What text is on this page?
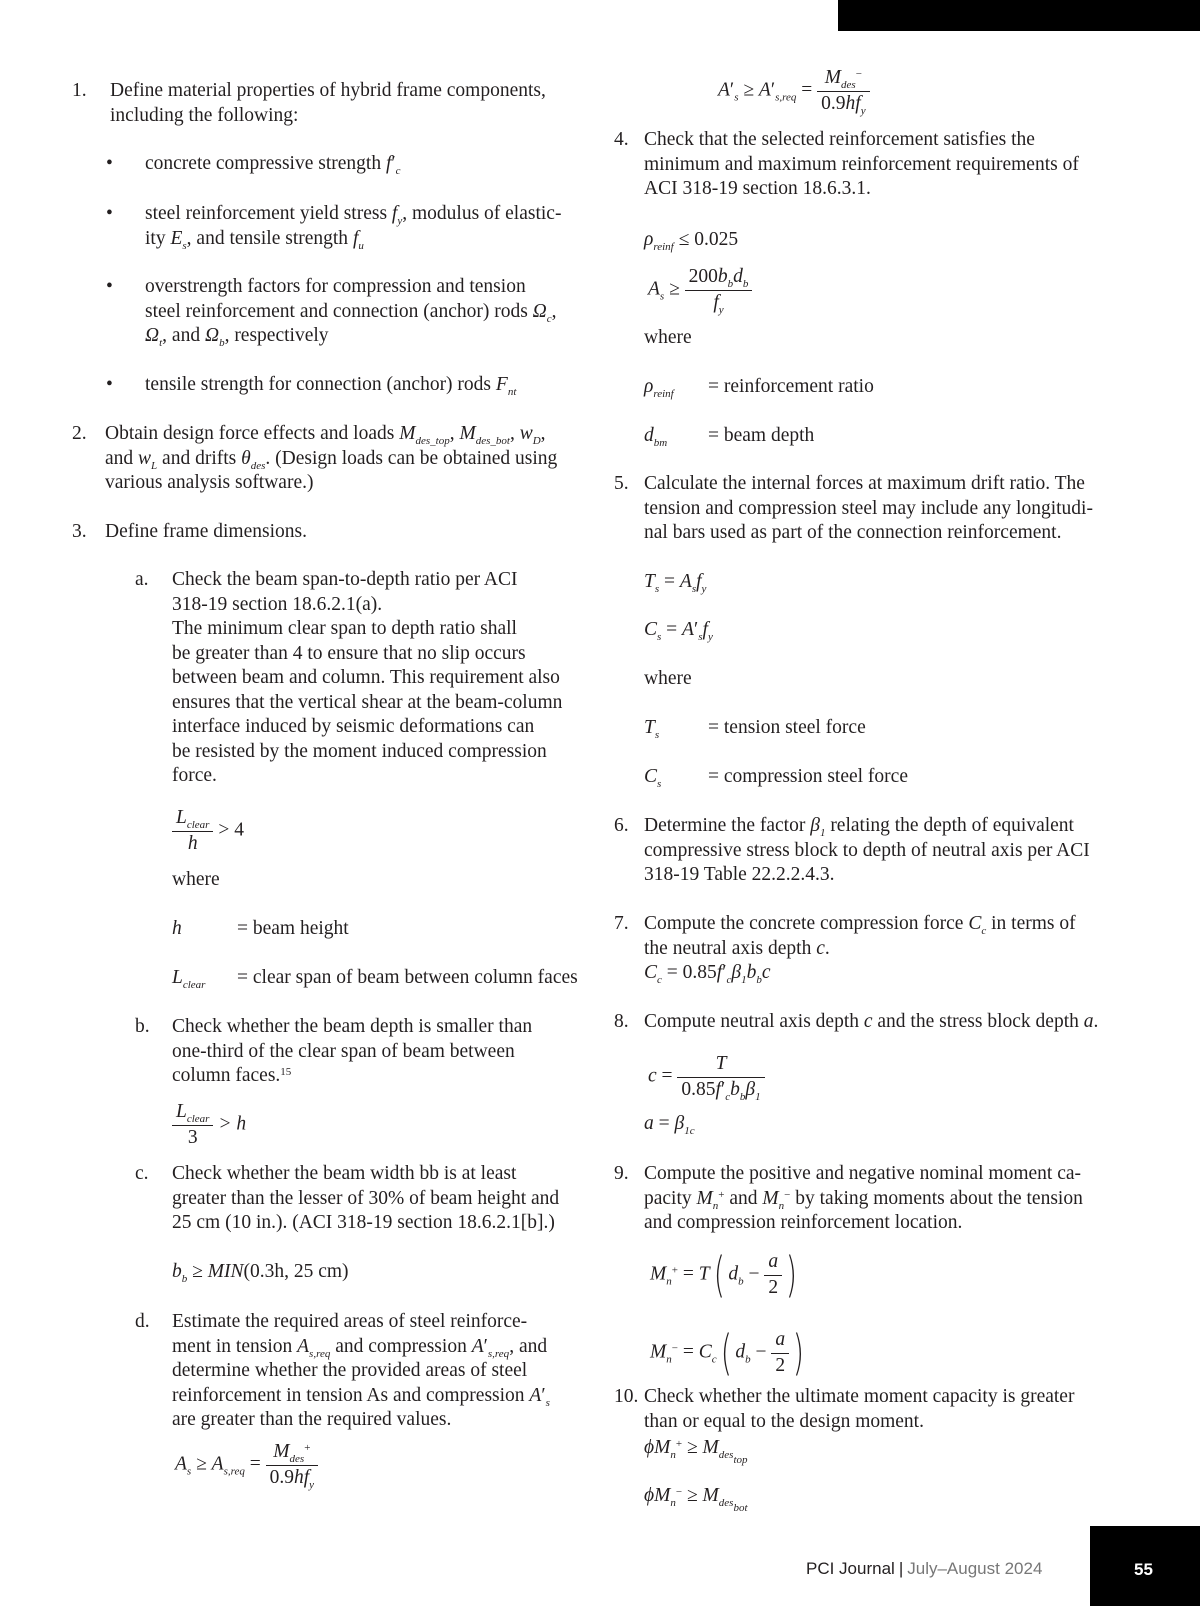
1. Define material properties of hybrid frame components,
including the following:
• concrete compressive strength $f'_c$
• steel reinforcement yield stress $f_y$, modulus of elastic-
ity $E_s$, and tensile strength $f_u$
• overstrength factors for compression and tension
steel reinforcement and connection (anchor) rods $\Omega_c$,
$\Omega_t$, and $\Omega_b$, respectively
• tensile strength for connection (anchor) rods $F_{nt}$
2. Obtain design force effects and loads $M_{des\_top}$, $M_{des\_bot}$, $w_D$,
and $w_L$ and drifts $\theta_{des}$. (Design loads can be obtained using
various analysis software.)
3. Define frame dimensions.
a. Check the beam span-to-depth ratio per ACI
318-19 section 18.6.2.1(a).
The minimum clear span to depth ratio shall
be greater than 4 to ensure that no slip occurs
between beam and column. This requirement also
ensures that the vertical shear at the beam-column
interface induced by seismic deformations can
be resisted by the moment induced compression
force.
$\frac{L_{clear}}{h} > 4$
where
h	= beam height
$L_{clear}$ = clear span of beam between column faces
b. Check whether the beam depth is smaller than
one-third of the clear span of beam between
column faces.$^{15}$
$\frac{L_{clear}}{3} > h$
c. Check whether the beam width bb is at least
greater than the lesser of 30% of beam height and
25 cm (10 in.). (ACI 318-19 section 18.6.2.1[b].)
$b_b \ge MIN(0.3h$, 25 cm)
d. Estimate the required areas of steel reinforce-
ment in tension $A_{s,req}$ and compression $A'_{s,req}$, and
determine whether the provided areas of steel
reinforcement in tension As and compression $A'_s$
are greater than the required values.
$A_s \ge A_{s,req} = \frac{M_{des}^+}{0.9hf_y}$
$A'_s \ge A'_{s,req} = \frac{M_{des}^-}{0.9hf_y}$
4. Check that the selected reinforcement satisfies the
minimum and maximum reinforcement requirements of
ACI 318-19 section 18.6.3.1.
$\rho_{reinf} \le 0.025$
$A_s \ge \frac{200b_bd_b}{f_y}$
where
$\rho_{reinf}$ = reinforcement ratio
$d_{bm}$ = beam depth
5. Calculate the internal forces at maximum drift ratio. The
tension and compression steel may include any longitudi-
nal bars used as part of the connection reinforcement.
$T_s = A_sf_y$
$C_s = A'_sf_y$
where
$T_s$	= tension steel force
$C_s$ = compression steel force
6. Determine the factor $\beta_1$ relating the depth of equivalent
compressive stress block to depth of neutral axis per ACI
318-19 Table 22.2.2.4.3.
7. Compute the concrete compression force $C_c$ in terms of
the neutral axis depth c.
$C_c = 0.85f'_c\beta_1b_bc$
8. Compute neutral axis depth c and the stress block depth a.
$c = \frac{T}{0.85f'_cb_b\beta_1}$
$a = \beta_{1c}$
9. Compute the positive and negative nominal moment ca-
pacity $M_n^+$ and $M_n^-$ by taking moments about the tension
and compression reinforcement location.
$M_n^+ = T$( $d_b - \frac{a}{2}$ )
$M_n^- = C_c$( $d_b - \frac{a}{2}$ )
10. Check whether the ultimate moment capacity is greater
than or equal to the design moment.
$\phi M_n^+ \ge M_{des_{top}}$
$\phi M_n^- \ge M_{des_{bot}}$
PCI Journal | July–August 2024	55
